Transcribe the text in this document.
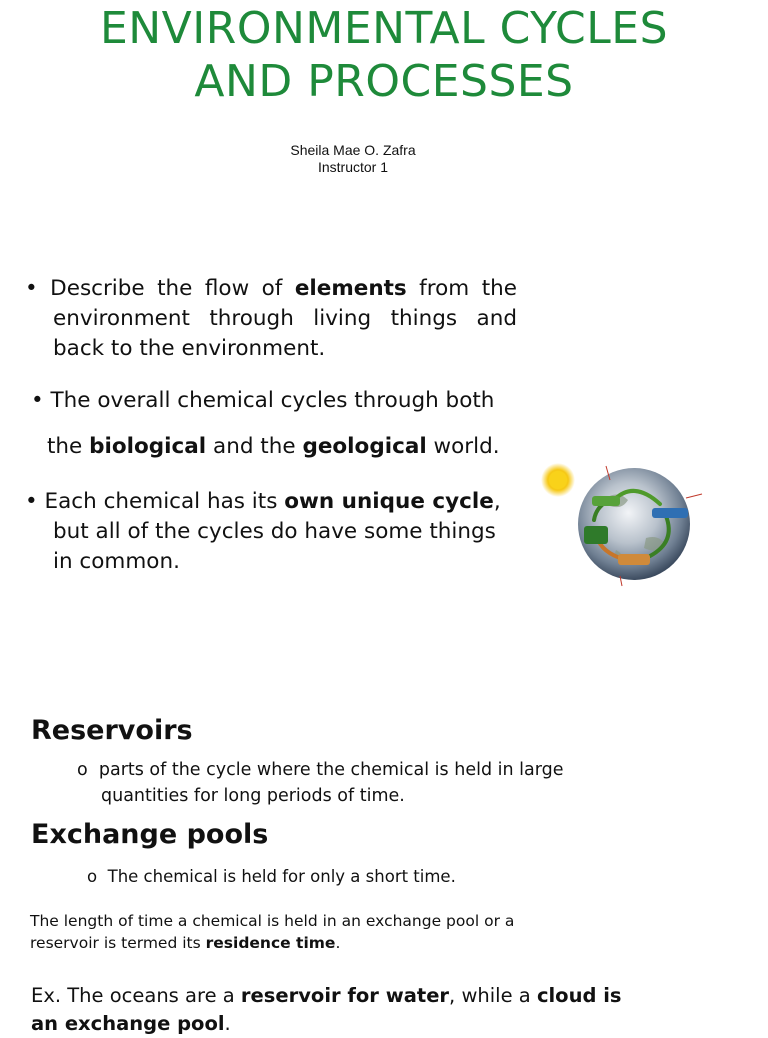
ENVIRONMENTAL CYCLES
AND PROCESSES
Sheila Mae O. Zafra
Instructor 1
• Describe the flow of elements from the environment through living things and back to the environment.
• The overall chemical cycles through both
the biological and the geological world.
• Each chemical has its own unique cycle, but all of the cycles do have some things in common.
Reservoirs
o parts of the cycle where the chemical is held in large
quantities for long periods of time.
Exchange pools
o The chemical is held for only a short time.
The length of time a chemical is held in an exchange pool or a
reservoir is termed its residence time.
Ex. The oceans are a reservoir for water, while a cloud is an exchange pool.
